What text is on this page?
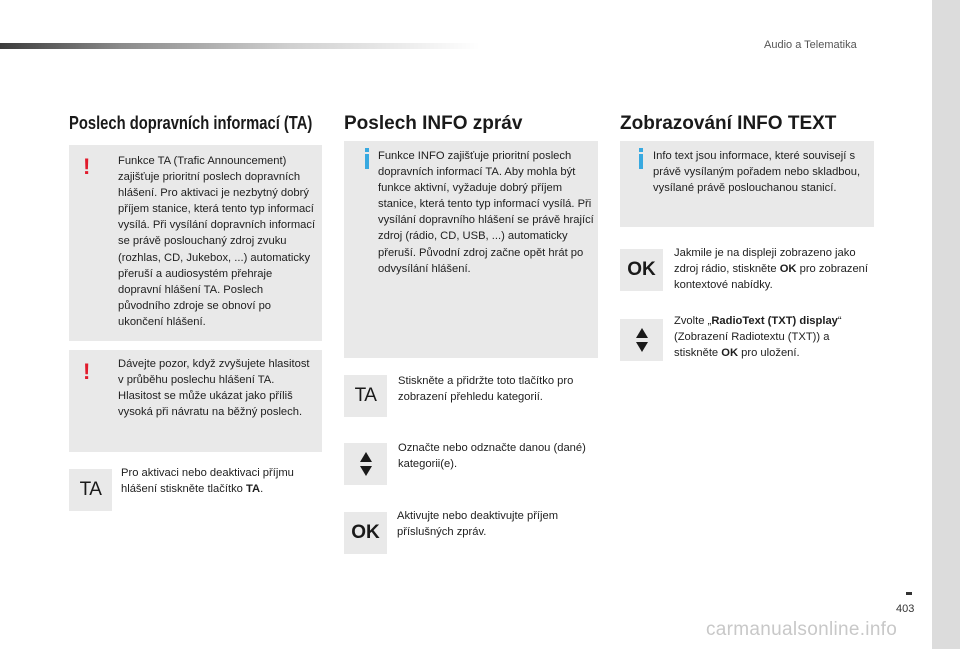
Audio a Telematika
Poslech dopravních informací (TA)
! Funkce TA (Trafic Announcement) zajišťuje prioritní poslech dopravních hlášení. Pro aktivaci je nezbytný dobrý příjem stanice, která tento typ informací vysílá. Při vysílání dopravních informací se právě poslouchaný zdroj zvuku (rozhlas, CD, Jukebox, ...) automaticky přeruší a audiosystém přehraje dopravní hlášení TA. Poslech původního zdroje se obnoví po ukončení hlášení.

! Dávejte pozor, když zvyšujete hlasitost v průběhu poslechu hlášení TA. Hlasitost se může ukázat jako příliš vysoká při návratu na běžný poslech.

TA

Pro aktivaci nebo deaktivaci příjmu hlášení stiskněte tlačítko TA.

Poslech INFO zpráv

Funkce INFO zajišťuje prioritní poslech dopravních informací TA. Aby mohla být funkce aktivní, vyžaduje dobrý příjem stanice, která tento typ informací vysílá. Při vysílání dopravního hlášení se právě hrající zdroj (rádio, CD, USB, ...) automaticky přeruší. Původní zdroj začne opět hrát po odvysílání hlášení.

TA

Stiskněte a přidržte toto tlačítko pro zobrazení přehledu kategorií.

Označte nebo odznačte danou (dané) kategorii(e).

OK

Aktivujte nebo deaktivujte příjem příslušných zpráv.

Zobrazování INFO TEXT

Info text jsou informace, které souvisejí s právě vysílaným pořadem nebo skladbou, vysílané právě poslouchanou stanicí.

OK

Jakmile je na displeji zobrazeno jako zdroj rádio, stiskněte OK pro zobrazení kontextové nabídky.

Zvolte „RadioText (TXT) display“ (Zobrazení Radiotextu (TXT)) a stiskněte OK pro uložení.

403
carmanualsonline.info
